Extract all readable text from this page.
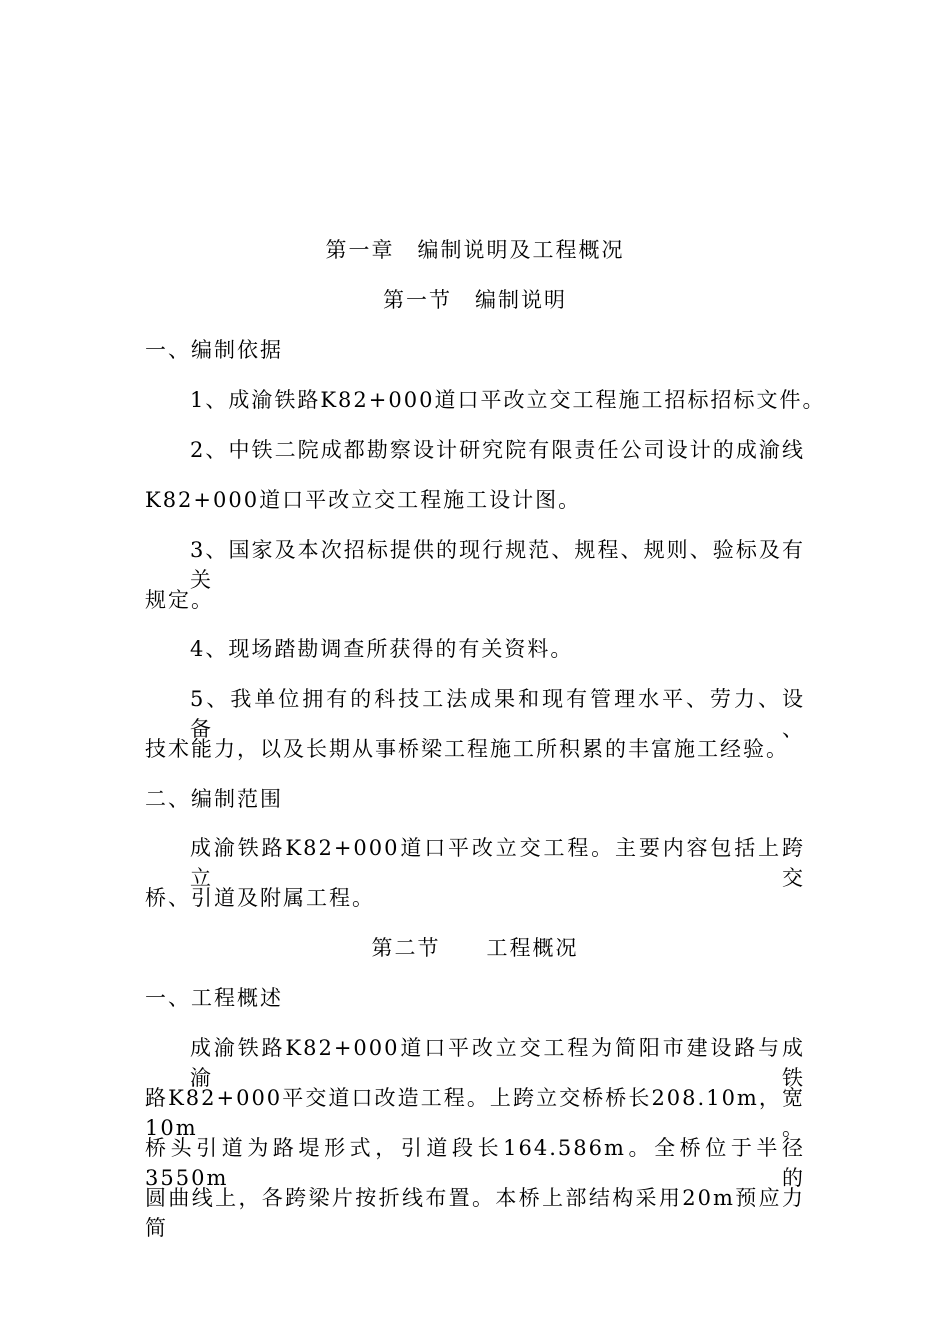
第一章　编制说明及工程概况
第一节　编制说明
一、编制依据
1、成渝铁路K82+000道口平改立交工程施工招标招标文件。
2、中铁二院成都勘察设计研究院有限责任公司设计的成渝线
K82+000道口平改立交工程施工设计图。
3、国家及本次招标提供的现行规范、规程、规则、验标及有关
规定。
4、现场踏勘调查所获得的有关资料。
5、我单位拥有的科技工法成果和现有管理水平、劳力、设备、
技术能力，以及长期从事桥梁工程施工所积累的丰富施工经验。
二、编制范围
成渝铁路K82+000道口平改立交工程。主要内容包括上跨立交
桥、引道及附属工程。
第二节　　工程概况
一、工程概述
成渝铁路K82+000道口平改立交工程为简阳市建设路与成渝铁
路K82+000平交道口改造工程。上跨立交桥桥长208.10m，宽10m。
桥头引道为路堤形式，引道段长164.586m。全桥位于半径3550m的
圆曲线上，各跨梁片按折线布置。本桥上部结构采用20m预应力简
